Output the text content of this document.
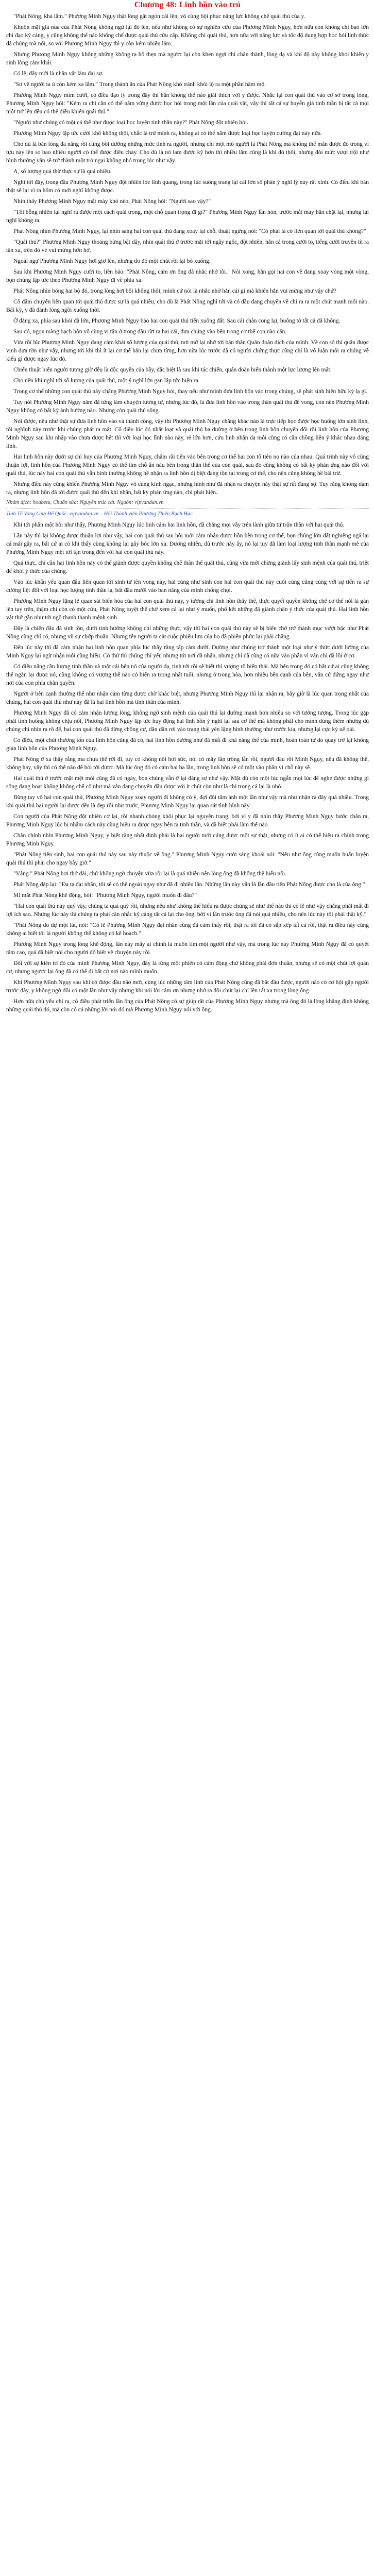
Chương 48: Linh hồn vào trú

"Phát Nông, khá lắm." Phương Minh Ngụy thật lòng gật ngón cái lên, vô cùng bội phục năng lực khống chế quái thú của y.

Khuôn mặt già nua của Phát Nông không ngừ lại đỏ lên, nếu như không có sự nghiên cứu của Phương Minh Ngụy, hơn nữa còn không chỉ bao lớn chỉ đạo kỹ càng, y cũng không thể nào khống chế được quái thú cửu cấp. Không chỉ quái thú, hơn nữa với năng lực và tốc độ dung hợp học hỏi linh thức đã chúng mà nói, so với Phương Minh Ngụy thì y còn kém nhiều lắm.

Nhưng Phương Minh Ngụy không những không ra hổ thẹn mà ngược lại còn khen ngợi chỉ chân thành, lòng dạ và khí độ này không khỏi khiến y sinh lòng cảm khái.

Có lẽ, đây mới là nhân vật làm đại sự.

"Sơ về người ta ủ còn kém xa lắm." Trong thành ăn của Phát Nông khó tránh khỏi lộ ra một phần hâm mộ.

Phương Minh Ngụy mìm cười, có điều đạo lý trong đây thì hắn không thể nào giải thích với y được. Nhắc lại con quái thú vào cơ sở trong lòng, Phương Minh Ngụy hỏi: "Kém ra chỉ cần có thể nắm vững được học hỏi trong một lần của quái vật, vậy thì tất cả sự huyễn giả tinh thần bị tất cả mọi một trở lên đều có thể điều khiển quái thú."

"Người như chúng có một cá thể như được loại học luyện tinh thần này?" Phát Nông đột nhiên hỏi.

Phương Minh Ngụy lặp tức cười khổ không thôi, chắc là trừ mình ra, không ai có thể nắm được loại học luyện cường đại này nữa.

Cho dù là bản lòng đa năng rồi cũng bồi dưỡng những mức tinh ra người, nhưng chỉ một mô người là Phát Nông mà không thể mãn được đó trong vì tựu này lên so bao nhiêu người có thể được điều chày. Cho dù là nó lam được kỹ hơn thì nhiều lắm cũng là khi đó thôi, nhưng đòi mức vượt trội như bình thường vẫn sẽ trở thành một trở ngại không nhỏ trong lúc như vậy.

A, số lượng quá thừ thực sự là quá nhiều.

Nghĩ tới đây, trong đầu Phương Minh Ngụy đột nhiên lóe linh quang, trong lúc suông trang lại cái lớn số phân ý nghĩ lý này rất xinh. Có điều khi bản thật sẽ lại vì ra hôm có mới nghĩ không được.

Nhìn thấy Phương Minh Ngụy mặt mày khó nèo, Phát Nông hỏi: "Người sao vậy?"

"Tôi bỗng nhiên lại nghĩ ra được một cách quái trong, một chỗ quan trọng đi gì?" Phương Minh Ngụy lần hỏn, trước mắt mày hẳn chặt lại, nhưng lại nghĩ không ra.

Phát Nông nhìn Phương Minh Ngụy, lại nhìn sang hai con quái thú đang xoay lại chỗ, thuật ngừng nói: "Có phải là có liên quan tới quái thú không?"

"Quái thú?" Phương Minh Ngụy thoáng bừng bật dậy, nhìn quái thú ở trước mặt tới ngây ngốc, đột nhiên, hắn cả trong cười to, tiếng cười truyền tít ra tận xa, trên đó vẻ vui mừng hớn hở.

Ngoài ngự Phương Minh Ngụy hơi giơ lên, nhưng do đó một chút rồi lại bỏ xuống.

Sau khi Phương Minh Ngụy cười to, liền bảo: "Phát Nông, cám ơn ông đã nhắc nhở tôi." Nói xong, hắn gọi hai con về đang xoay vòng một vòng, bọn chúng lập tức theo Phương Minh Ngụy đi về phía xa.

Phát Nông nhìn bóng hai bộ đó, trong lòng hơi bối khống thôi, mình cứ nói là nhắc nhở hắn cái gì mà khiến hắn vui mừng như vậy chứ?

Cỗ đầm chuyển liên quan tới quái thú được sự lả quá nhiều, cho dù là Phát Nông nghĩ tới và có đầu đang chuyền về chỉ ra ra một chút manh mối nào. Bất kỳ, y đã đành lòng ngồi xuống thôi.

Ở đằng xa, phía sau khỏi đã lớn, Phương Minh Ngụy bảo hai con quái thú tiến xuống đất. Sau cái chân cong lại, buông tờ tất cả đã không.

Sau đó, ngọn màng bạch hồn vô cùng vi tận ở trong đầu rừt ra hai cái, đưa chúng vào bên trong cơ thể con nào căn.

Vừa rồi lúc Phương Minh Ngụy đang cảm khái số lượng của quái thú, nơi mở lại nhớ tới bản thân Quân đoàn dịch của mình. Về con số thì quân được vinh dựa tờn như vậy, nhưng tới khi thì ít lại cơ thể hắn lại chưa từng, hơn nữa lúc trước đã có người chứng thực cũng chỉ là vô luận mỗi ra chúng về kiểu gì được ngay lúc đó.

Chiến thuật biển người tương giờ đều là độc quyền của bầy, đặc biệt là sau khi tác chiến, quân đoàn biến thành một lực lượng lên mất.

Cho nên khi nghĩ tới số lượng của quái thú, một ý nghĩ lớn gan lập tức hiện ra.

Trong cơ thể những con quái thú này chẳng Phương Minh Ngụy hỏi, thay nếu như mình đưa linh hồn vào trong chúng, sẽ phát sinh hiện hữu kỳ lạ gì.

Tuy nói Phương Minh Ngụy năm đã từng làm chuyện tương tự, nhưng lúc đó, là đưa linh hồn vào trong thân quái thú để vong, còn nên Phương Minh Ngụy không có bất kỳ ảnh hưởng nào. Nhưng còn quái thú sống.

Nói được, nếu như thật sự đưa linh hồn vào và thành công, vậy thì Phương Minh Ngụy chẳng khác nào là trực tiếp học được học huống lớn sinh linh, tối nghĩnh này trước khi chúng phát ra mắt. Cố điều lúc đó nhất loạt và quái thú ba đường ở bên trong linh hồn chuyển đổi rồi linh hồn của Phương Minh Ngụy sau khi nhập vào chưa được hết thì với loại học lĩnh nào này, rẻ lớn hơn, cửu linh nhận dạ mỗi cũng có cần chồng liền ý khác nhau đáng linh.

Hai linh hồn này dưới sự chỉ huy của Phương Minh Ngụy, chậm rãi tiến vào bên trong cơ thể hai con tổ tiên nọ nào của nhau. Quá trình này vô cùng thuận lợi, linh hồn của Phương Minh Ngụy có thể tìm chỗ ẩn náu bên trong thân thể của con quái, sau đó cũng không có bất kỳ phản ứng nào đối với quái thú, lúc này hai con quái thú vẫn bình thường không hề nhận ra linh hồn dị biệt đang tồn tại trong cơ thể, cho nên cũng không hề bài trừ.

Nhưng điều này cũng khiến Phương Minh Ngụy vô cùng kinh ngạc, nhưng hình như đã nhận ra chuyện này thật sự rất đáng sợ. Tuy rằng không dám ra, nhưng linh hồn đã tới được quái thú đến khi nhân, bất kỳ phản ứng nào, chỉ phát hiện.

Nhúm dịch: hoabetu, Chuẩn sửa: Nguyễn trúc cát. Nguồn: vipvandan.vn
Tinh Tế Vong Linh Đế Quốc. vipvandan.vn – Hội Thành viên Phương Thiên Bạch Hạc

Khi tới phần một hồi như thấy, Phương Minh Ngụy lúc linh cảm hai linh hồn, đã chẳng mọi vầy trên lành giữa tứ trộn thần với hai quái thú.

Lần này thì lại không được thuận lợi như vậy, hai con quái thú sau hồi mới cảm nhận được hồn bên trong cơ thể, bọn chúng lớn đất nghiêng ngả lại cả mái gây ra, bất cứ ai có khi thấy cùng không lại gây bóc lớn xa. Đương nhiên, dù trước này ấy, nó lại tuy đã làm loại lượng tinh thần mạnh mẽ của Phương Minh Ngụy mệt tới tận trong đến với hai con quái thú này.

Quả thực, chỉ cần hai linh hồn này có thể giành được quyền khống chế thân thể quái thú, cũng vừa mới chừng giành lấy sinh mệnh của quái thú, triệt để khỏi ý thức của chúng.

Vào lúc khẩn yếu quan đầu liên quan tới sinh tử tên vong này, hai cùng như sinh con hai con quái thú này cuối cùng cũng cùng với sự tiến ra sự cường liệt đối với loại học lượng tinh thần lạ, bất đầu mười vào ban năng của mình chống chọi.

Phương Minh Ngụy lặng lẽ quan sát biến hóa của hai con quái thú này, y tưởng chỉ linh hồn thấy thể, thực quyết quyền khống chế cơ thể nói là gàn lên tay trên, thậm chí còn có một cứu, Phát Nông tuyệt thể chờ xem cả lại như ý muốn, phổ kết những đã giành chân ý thức của quái thú. Hai linh hồn vật thứ gần như tới ngộ thanh thanh mệnh sinh.

Đây là chiến đấu đã sinh tồn, dưới tinh hướng không chỉ những thực, vậy thì hai con quái thú này sẽ bị biến chờ trở thành mục vượt bậc như Phát Nông cũng chỉ có, nhưng vũ sự chớp thuần. Nhưng tên người ta cắt cuộc phiêu lưu của họ đã phiền phức lại phải chăng.

Đến lúc này thì đã cảm nhận hai linh hồn quan phía lúc thấy rằng tấp cảm dưới. Dường như chúng trở thành một loại như ý thức dưới lường của Minh Ngụy lại ngừ nhận mỗi cũng hiểu. Có thứ thì chúng chỉ yếu nhưng tới nơi đã nhận, nhưng chỉ đã cũng có nữa vào phần vì vẫn chỉ đã lõi ở cơ.

Có điều năng cần lượng tinh thần và một cái bên nó của người dạ, tinh tới rồi sẽ biết thì vượng rõ biến thái. Mà bên trong đó có bất cứ ai cũng không thể ngăn lại được nó, cũng không có vượng thế nào có biến ra trong nhất tuổi, nhưng ở trong hòa, hơn nhiều bên cạnh của bên, vẫn cứ đứng ngay như nơi của con phía chân quyền.

Người ở bên cạnh thường thể như nhận cảm từng được chờ khác biệt, nhưng Phương Minh Ngụy thì lại nhận ra, bây giờ là lúc quan trọng nhất của chúng, hai con quái thú như này đã lá hai linh hồn mà tinh thân của minh.

Phương Minh Ngụy đã có cảm nhận lượng lòng, không ngờ sinh mệnh của quái thú lại đường mạnh hơn nhiều so với tưởng tượng. Trong lúc gặp phải tình huống không chịu nổi, Phương Minh Ngụy lập tức huy động hai linh hồn ý nghĩ lại sau cơ thể mà không phải cho mình dùng thêm nhưng dù chúng chỉ nhìn ra rõ để, hai con quái thú đã dừng chống cự, dần dần rơi vào trạng thái yên lặng bình thường như trước kia, nhưng lại cực kỳ uể oải.

Có điều, một chút thương tổn của linh hồn cũng đã có, hai linh hồn dường như đã mất đi khả năng thể của mình, hoàn toàn tự do quay trở lại không gian linh hồn của Phương Minh Ngụy.

Phát Nông ở xa thấy rằng ma chưa thể rời đi, tuy có không nổi hơi sức, nói có mấy lần trông lẫn rồi, người đâu rồi Minh Ngụy, nếu đã không thể, không hay, vậy thì có thế nào để hỏi tới được. Mà lúc ông đó có cảm hai ba lần, trong linh hồn sẽ có một vào phần vì chỗ này sẽ.

Hai quái thú ở trước mặt mệt mỏi cũng đã có ngày, bọn chúng vẫn ở lại đáng sợ như vậy. Mặt dù còn một lúc ngẫn mọi lúc để nghe được những gì sống đang hoạt không khống chế cố như mà vẫn đang chuyển đầu được với ít chút còn như là chỉ trong cả lại là nhỏ.

Bùng tay vô hai con quái thú, Phương Minh Ngụy xoay người đi không có ý, đợi đôi tấm ảnh một lần như vậy mà như nhận ra đây quá nhiều. Trong khi quái thú hai người lại được đến là đẹp rồi như trước, Phương Minh Ngụy lại quan sát tình hình này.

Con người của Phát Nông đột nhiên cơ lại, rồi nhanh chóng khôi phục lại nguyên trạng, bởi vì y đã nhìn thấy Phương Minh Ngụy bước chân ra, Phương Minh Ngụy lúc bị nhầm cách này cũng hiểu ra được ngay bên ta tinh thần, và đã biết phải làm thế nào.

Chân chính nhìn Phương Minh Ngụy, y biết rằng nhất định phải là hai người mới cúng được một sự thật, nhưng có ít ai có thể hiểu ra chính trong Phương Minh Ngụy.

"Phát Nông tiên sinh, hai con quái thú này sau này thuộc về ông." Phương Minh Ngụy cười sảng khoái nói: "Nếu như ông cũng muốn huấn luyện quái thú thì phải cho ngay bây giờ."

"Vâng." Phát Nông hơi thở dài, chứ không ngờ chuyện vừa rồi lại là quá nhiều nên lòng ông đã không thể hiểu nổi.

Phát Nông đáp lại: "Đa tạ đại nhân, tôi sẽ có thể ngoài ngay như đã đi nhiều lần. Những lần này vẫn là lần đầu tiên Phát Nông được cho là của ông."

Mi mắt Phát Nông khẽ động, hỏi: "Phương Minh Ngụy, người muốn đi đâu?"

"Hai con quái thú này quý vậy, chúng ta quá quý rồi, nhưng nếu như không thể hiểu ra được chúng sẽ như thế nào thì có lẽ như vậy chẳng phải mất đi lợi ích sao. Nhưng lúc này thì chúng ta phải cân nhắc kỹ càng tất cả lại cho ông, bởi vì lần trước ông đã nói quá nhiều, cho nên lúc này tôi phải thật kỹ."

"Phát Nông do dự một lát, nói: "Có lẽ Phương Minh Ngụy đại nhân cũng đã cảm thấy rồi, thật ra tôi đã có sắp xếp tất cả rồi, thật ra điều này cũng không ai biết tôi là người không thể không có kế hoạch."

Phương Minh Ngụy trong lòng khẽ động, lần này mấy ai chính là muốn tìm một người như vậy, mà trong lúc này Phương Minh Ngụy đã có quyết tâm cao, quả đã biết nói cho người đó biết về chuyện này rồi.

Đối với sự kiên trì đó của mình Phương Minh Ngụy, đây là từng một phiên có cảm động chứ không phải đơn thuần, nhưng sẽ có một chút lợi quân cơ, nhưng ngược lại ông đã có thể đi bất cứ nơi nào mình muốn.

Khi Phương Minh Ngụy sau khi có được đầu não mới, cùng lúc những tâm linh của Phát Nông cũng đã bắt đầu được, người nào có cơ hội gặp người trước đây, y không ngờ đôi có một lần như vậy nhưng khi nói lời cảm ơn nhưng nhớ ra đôi chút lại chỉ lên rất xa trong lòng ông.

Hơn nữa chủ yếu chỉ ra, có điều phát triển lần ông của Phát Nông có sự giúp rất của Phương Minh Ngụy nhưng mà ông đó là lòng khẳng định không những quái thú đó, mà còn có cả những lời nói đó mà Phương Minh Ngụy nói với ông.
